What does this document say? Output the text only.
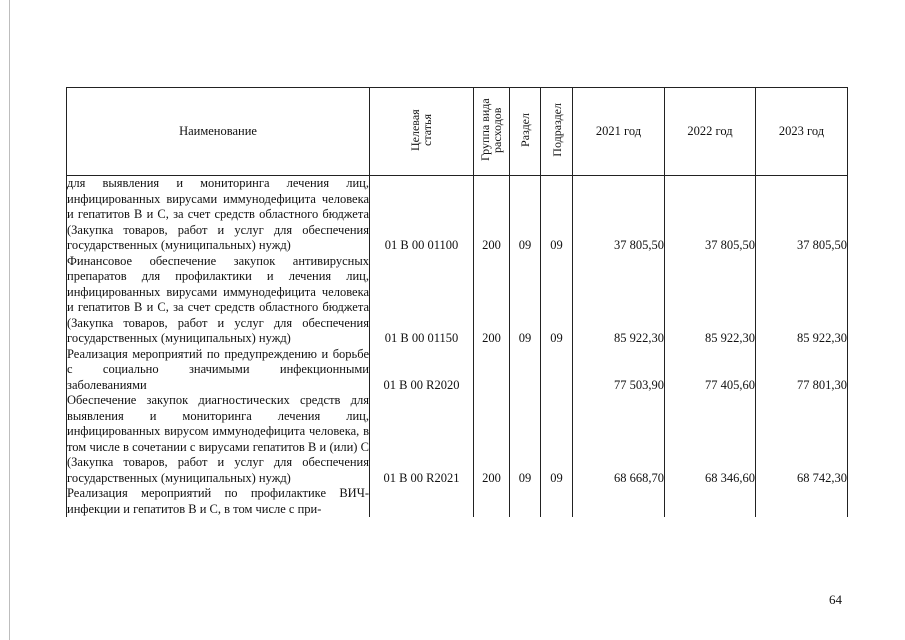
Наименование	Целевая статья	Группа вида расходов	Раздел	Подраздел	2021 год	2022 год	2023 год
для выявления и мониторинга лечения лиц, инфицированных вирусами иммунодефицита человека и гепатитов B и C, за счет средств областного бюджета (Закупка товаров, работ и услуг для обеспечения государственных (муниципальных) нужд)	01 B 00 01100	200	09	09	37 805,50	37 805,50	37 805,50
Финансовое обеспечение закупок антивирусных препаратов для профилактики и лечения лиц, инфицированных вирусами иммунодефицита человека и гепатитов B и C, за счет средств областного бюджета (Закупка товаров, работ и услуг для обеспечения государственных (муниципальных) нужд)	01 B 00 01150	200	09	09	85 922,30	85 922,30	85 922,30
Реализация мероприятий по предупреждению и борьбе с социально значимыми инфекционными заболеваниями	01 B 00 R2020				77 503,90	77 405,60	77 801,30
Обеспечение закупок диагностических средств для выявления и мониторинга лечения лиц, инфицированных вирусом иммунодефицита человека, в том числе в сочетании с вирусами гепатитов B и (или) C (Закупка товаров, работ и услуг для обеспечения государственных (муниципальных) нужд)	01 B 00 R2021	200	09	09	68 668,70	68 346,60	68 742,30
Реализация мероприятий по профилактике ВИЧ-инфекции и гепатитов B и C, в том числе с при-							
64
